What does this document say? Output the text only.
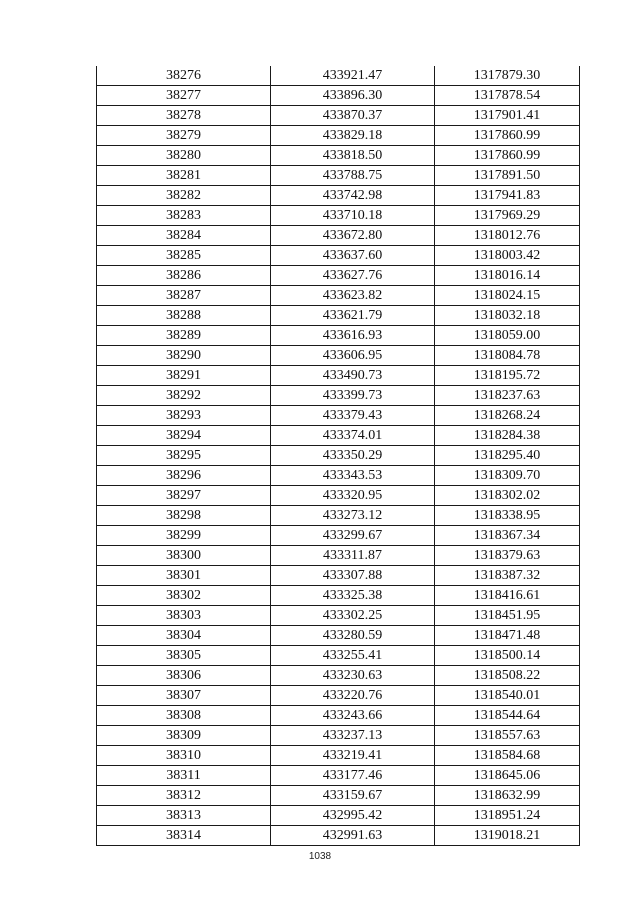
38276	433921.47	1317879.30
38277	433896.30	1317878.54
38278	433870.37	1317901.41
38279	433829.18	1317860.99
38280	433818.50	1317860.99
38281	433788.75	1317891.50
38282	433742.98	1317941.83
38283	433710.18	1317969.29
38284	433672.80	1318012.76
38285	433637.60	1318003.42
38286	433627.76	1318016.14
38287	433623.82	1318024.15
38288	433621.79	1318032.18
38289	433616.93	1318059.00
38290	433606.95	1318084.78
38291	433490.73	1318195.72
38292	433399.73	1318237.63
38293	433379.43	1318268.24
38294	433374.01	1318284.38
38295	433350.29	1318295.40
38296	433343.53	1318309.70
38297	433320.95	1318302.02
38298	433273.12	1318338.95
38299	433299.67	1318367.34
38300	433311.87	1318379.63
38301	433307.88	1318387.32
38302	433325.38	1318416.61
38303	433302.25	1318451.95
38304	433280.59	1318471.48
38305	433255.41	1318500.14
38306	433230.63	1318508.22
38307	433220.76	1318540.01
38308	433243.66	1318544.64
38309	433237.13	1318557.63
38310	433219.41	1318584.68
38311	433177.46	1318645.06
38312	433159.67	1318632.99
38313	432995.42	1318951.24
38314	432991.63	1319018.21
1038
